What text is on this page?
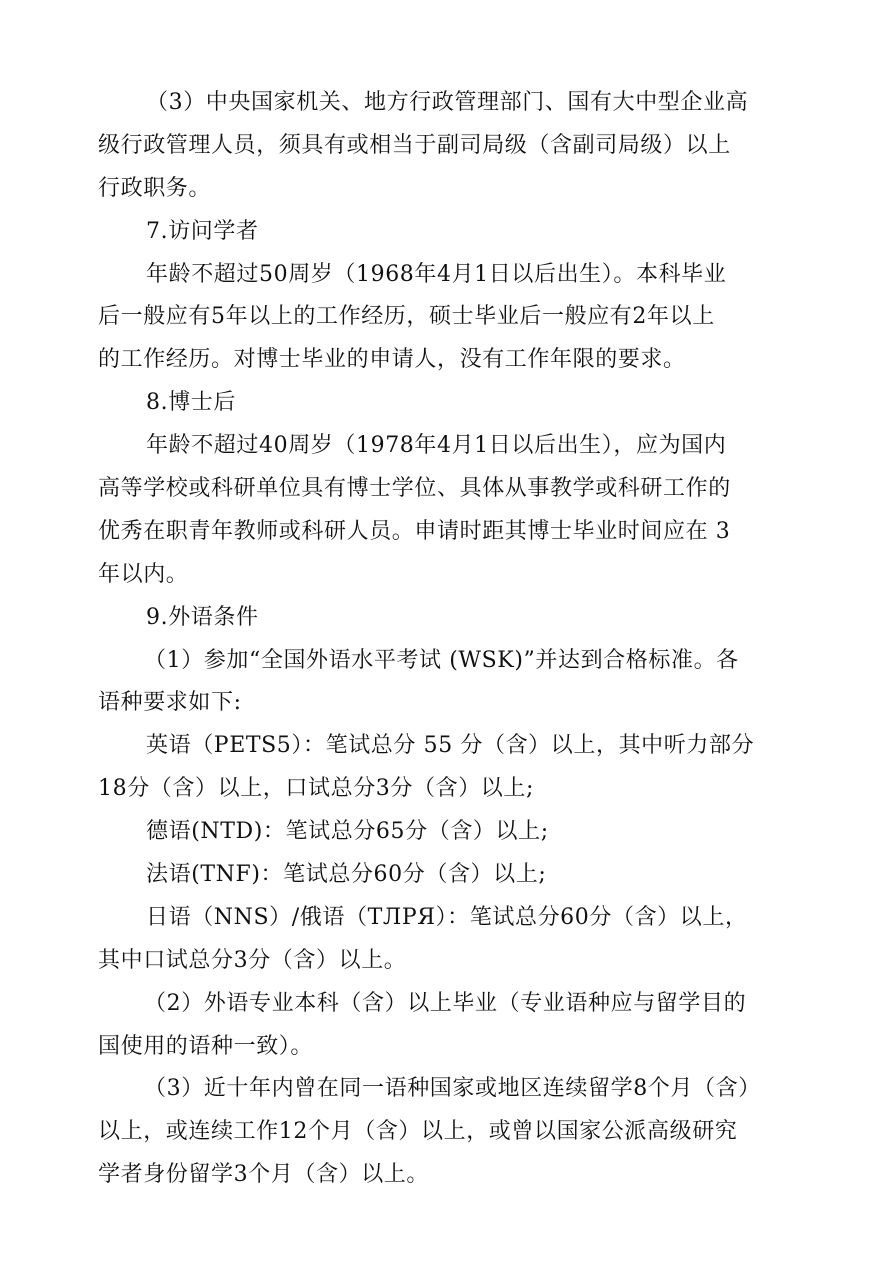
（3）中央国家机关、地方行政管理部门、国有大中型企业高
级行政管理人员，须具有或相当于副司局级（含副司局级）以上
行政职务。
7.访问学者
年龄不超过50周岁（1968年4月1日以后出生）。本科毕业
后一般应有5年以上的工作经历，硕士毕业后一般应有2年以上
的工作经历。对博士毕业的申请人，没有工作年限的要求。
8.博士后
年龄不超过40周岁（1978年4月1日以后出生），应为国内
高等学校或科研单位具有博士学位、具体从事教学或科研工作的
优秀在职青年教师或科研人员。申请时距其博士毕业时间应在 3
年以内。
9.外语条件
（1）参加“全国外语水平考试 (WSK)”并达到合格标准。各
语种要求如下:
英语（PETS5）：笔试总分 55 分（含）以上，其中听力部分
18分（含）以上，口试总分3分（含）以上;
德语(NTD)：笔试总分65分（含）以上;
法语(TNF)：笔试总分60分（含）以上;
日语（NNS）/俄语（ТЛРЯ）：笔试总分60分（含）以上，
其中口试总分3分（含）以上。
（2）外语专业本科（含）以上毕业（专业语种应与留学目的
国使用的语种一致）。
（3）近十年内曾在同一语种国家或地区连续留学8个月（含）
以上，或连续工作12个月（含）以上，或曾以国家公派高级研究
学者身份留学3个月（含）以上。
